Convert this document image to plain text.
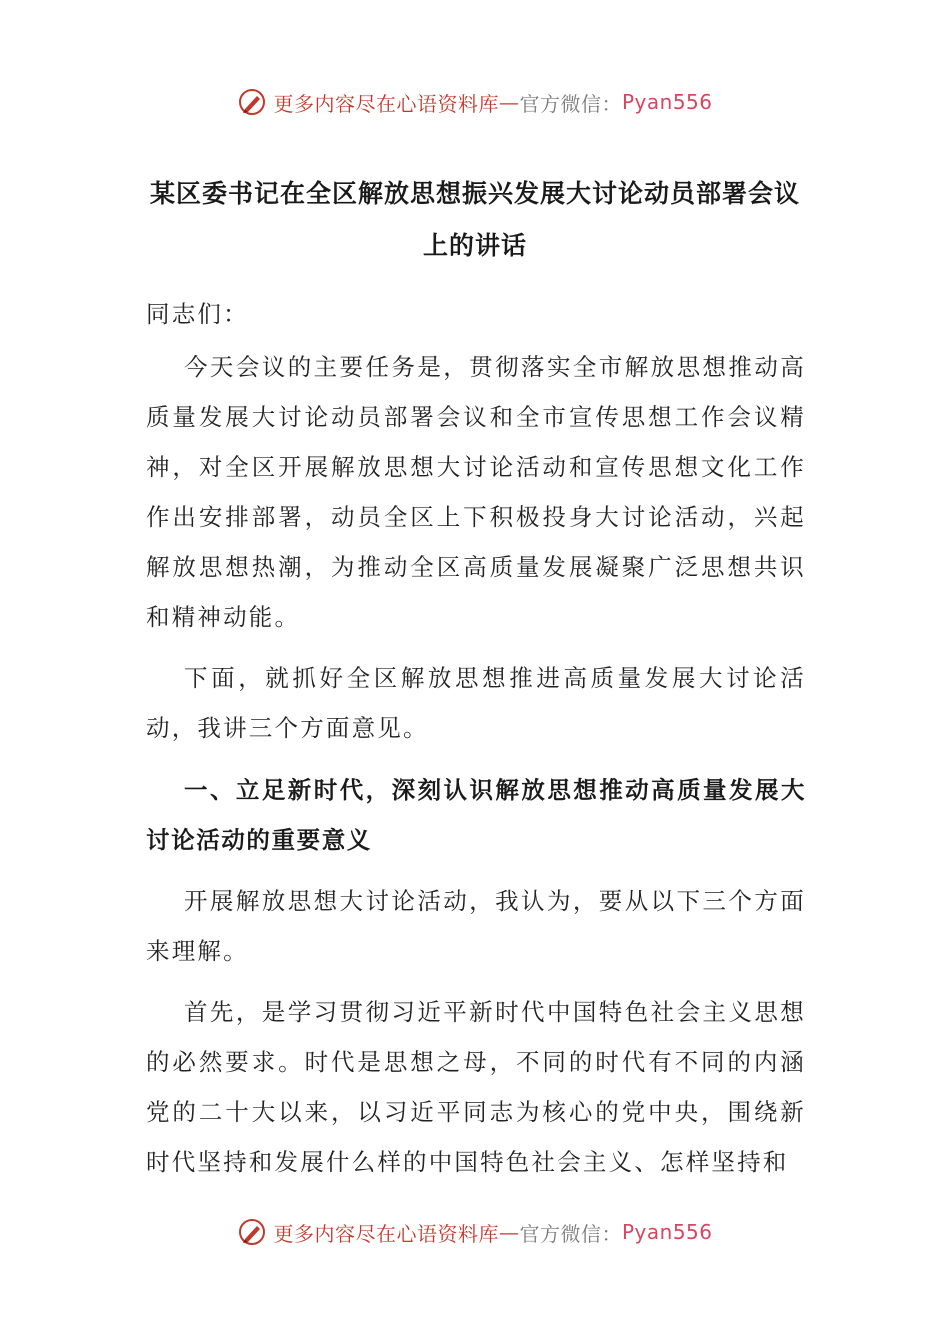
更多内容尽在心语资料库 — 官方微信： Pyan556
某区委书记在全区解放思想振兴发展大讨论动员部署会议
上的讲话

同志们：

今天会议的主要任务是，贯彻落实全市解放思想推动高质量发展大讨论动员部署会议和全市宣传思想工作会议精神，对全区开展解放思想大讨论活动和宣传思想文化工作作出安排部署，动员全区上下积极投身大讨论活动，兴起解放思想热潮，为推动全区高质量发展凝聚广泛思想共识和精神动能。

下面，就抓好全区解放思想推进高质量发展大讨论活动，我讲三个方面意见。

一、立足新时代，深刻认识解放思想推动高质量发展大讨论活动的重要意义

开展解放思想大讨论活动，我认为，要从以下三个方面来理解。

首先，是学习贯彻习近平新时代中国特色社会主义思想的必然要求。时代是思想之母，不同的时代有不同的内涵党的二十大以来，以习近平同志为核心的党中央，围绕新时代坚持和发展什么样的中国特色社会主义、怎样坚持和

更多内容尽在心语资料库 — 官方微信： Pyan556
